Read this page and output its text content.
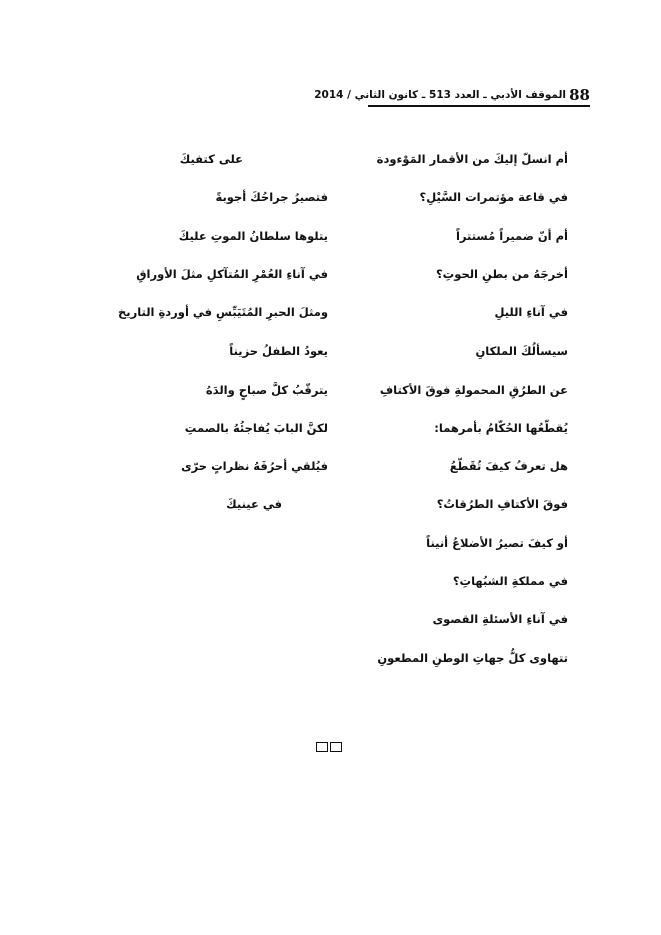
88
الموقف الأدبي ـ العدد 513 ـ كانون الثاني / 2014
أم انسلّ إليكَ من الأقمار المَوْءودة
في قاعة مؤتمرات السَّيْلِ؟
أم أنّ ضميراً مُستتراً
أخرجَهُ من بطنِ الحوتِ؟
في آناءِ الليلِ
سيسألُكَ الملكانِ
عن الطرُقِ المحمولةِ فوقَ الأكتافِ
يُقطّعُها الحُكّامُ بأمرهما:
هل تعرفُ كيفَ تُقَطّعُ
فوقَ الأكتافِ الطرُقاتُ؟
أو كيفَ تصيرُ الأضلاعُ أنيناً
في مملكةِ الشبُهاتِ؟
في آناءِ الأسئلةِ القصوى
تتهاوى كلُّ جهاتِ الوطنِ المطعونِ
على كتفيكَ
فتصيرُ جراحُكَ أجوبةً
يتلوها سلطانُ الموتِ عليكَ
في آناءِ العُمْرِ المُتآكلِ مثلَ الأوراقِ
ومثلَ الحبرِ المُتَيَبِّسِ في أوردةِ التاريخ
يعودُ الطفلُ حزيناً
يترقّبُ كلَّ صباحٍ والدَهُ
لكنَّ البابَ يُفاجئُهُ بالصمتِ
فيُلقي أحرُفَهُ نظراتٍ حرّى
في عينيكَ
